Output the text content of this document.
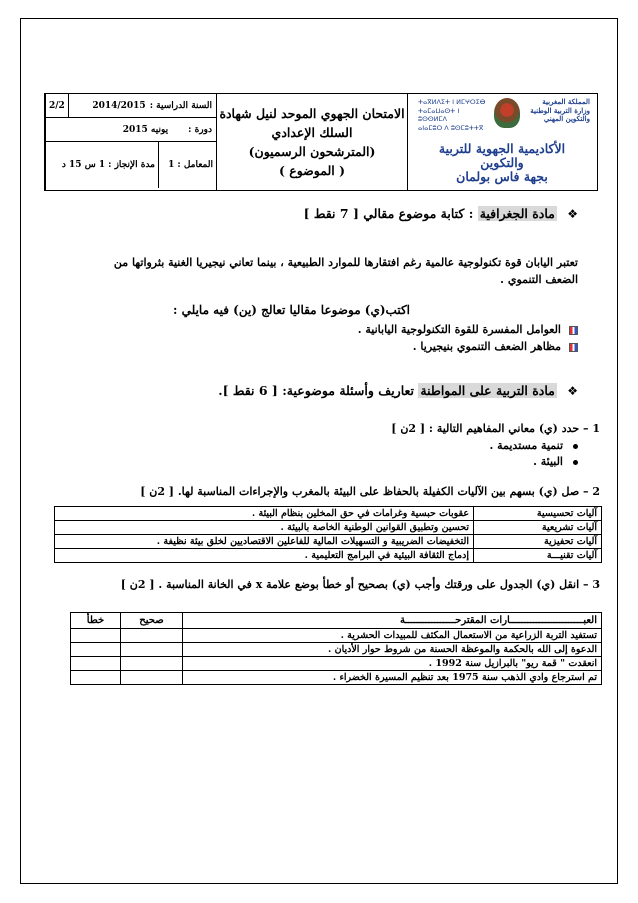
السنة الدراسية :
2014/2015
2/2
دورة :
يونيه 2015
المعامل :
1
مدة الإنجاز :
1 س 15 د
الامتحان الجهوي الموحد لنيل شهادة
السلك الإعدادي
(المترشحون الرسميون)
( الموضوع )
ⵜⴰⴳⵍⴷⵉⵜ ⵏ ⵍⵎⵖⵔⵉⴱ
ⵜⴰⵎⴰⵡⴰⵙⵜ ⵏ ⵓⵙⵙⵍⵎⴷ
ⴰⵏⴰⵎⵓⵔ ⴷ ⵓⵙⵎⵓⵜⵜⴳ
المملكة المغربية
وزارة التربية الوطنية
والتكوين المهني
الأكاديمية الجهوية للتربية
والتكوين
بجهة فاس بولمان
❖ مادة الجغرافية : كتابة موضوع مقالي [ 7 نقط ]
تعتبر اليابان قوة تكنولوجية عالمية رغم افتقارها للموارد الطبيعية ، بينما تعاني نيجيريا الغنية بثرواتها من
الضعف التنموي .
اكتب(ي) موضوعا مقاليا تعالج (ين) فيه مايلي :
العوامل المفسرة للقوة التكنولوجية اليابانية .
مظاهر الضعف التنموي بنيجيريا .
❖ مادة التربية على المواطنة تعاريف وأسئلة موضوعية: [ 6 نقط ].
1 – حدد (ي) معاني المفاهيم التالية : [ 2ن ]
تنمية مستديمة .
البيئة .
2 – صل (ي) بسهم بين الآليات الكفيلة بالحفاظ على البيئة بالمغرب والإجراءات المناسبة لها. [ 2ن ]
آليات تحسيسية	عقوبات حبسية وغرامات في حق المخلين بنظام البيئة .
آليات تشريعية	تحسين وتطبيق القوانين الوطنية الخاصة بالبيئة .
آليات تحفيزية	التخفيضات الضريبية و التسهيلات المالية للفاعلين الاقتصاديين لخلق بيئة نظيفة .
آليات تقنيـــة	إدماج الثقافة البيئية في البرامج التعليمية .
3 – انقل (ي) الجدول على ورقتك وأجب (ي) بصحيح أو خطأ بوضع علامة x في الخانة المناسبة . [ 2ن ]
العبـــــــــــــــــــــــــارات المقترحـــــــــــــــــة	صحيح	خطأ
تستفيد التربة الزراعية من الاستعمال المكثف للمبيدات الحشرية .		
الدعوة إلى الله بالحكمة والموعظة الحسنة من شروط حوار الأديان .		
انعقدت " قمة ريو" بالبرازيل سنة 1992 .		
تم استرجاع وادي الذهب سنة 1975 بعد تنظيم المسيرة الخضراء .		
